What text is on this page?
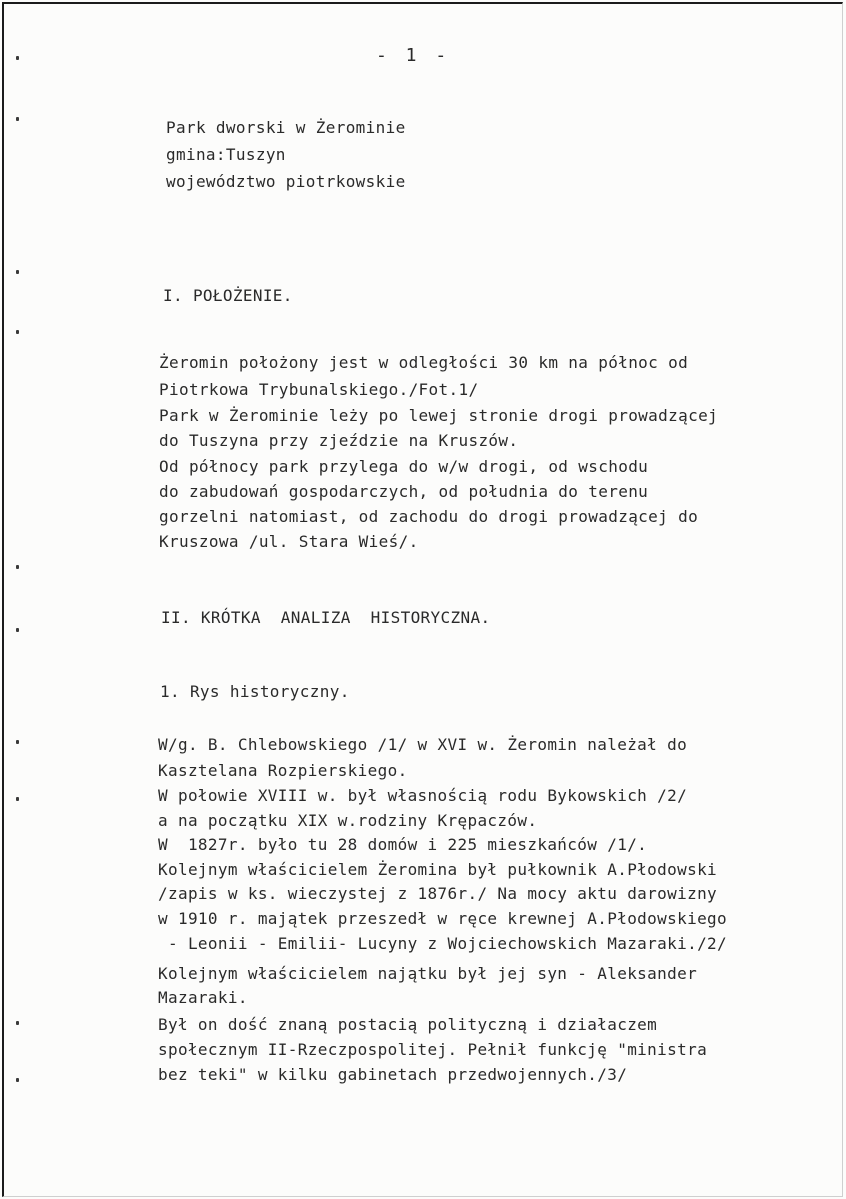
- 1 -
Park dworski w Żerominie
gmina:Tuszyn
województwo piotrkowskie
I. POŁOŻENIE.
Żeromin położony jest w odległości 30 km na północ od
Piotrkowa Trybunalskiego./Fot.1/
Park w Żerominie leży po lewej stronie drogi prowadzącej
do Tuszyna przy zjeździe na Kruszów.
Od północy park przylega do w/w drogi, od wschodu
do zabudowań gospodarczych, od południa do terenu
gorzelni natomiast, od zachodu do drogi prowadzącej do
Kruszowa /ul. Stara Wieś/.
II. KRÓTKA  ANALIZA  HISTORYCZNA.
1. Rys historyczny.
W/g. B. Chlebowskiego /1/ w XVI w. Żeromin należał do
Kasztelana Rozpierskiego.
W połowie XVIII w. był własnością rodu Bykowskich /2/
a na początku XIX w.rodziny Krępaczów.
W  1827r. było tu 28 domów i 225 mieszkańców /1/.
Kolejnym właścicielem Żeromina był pułkownik A.Płodowski
/zapis w ks. wieczystej z 1876r./ Na mocy aktu darowizny
w 1910 r. majątek przeszedł w ręce krewnej A.Płodowskiego
- Leonii - Emilii- Lucyny z Wojciechowskich Mazaraki./2/
Kolejnym właścicielem najątku był jej syn - Aleksander
Mazaraki.
Był on dość znaną postacią polityczną i działaczem
społecznym II-Rzeczpospolitej. Pełnił funkcję "ministra
bez teki" w kilku gabinetach przedwojennych./3/
